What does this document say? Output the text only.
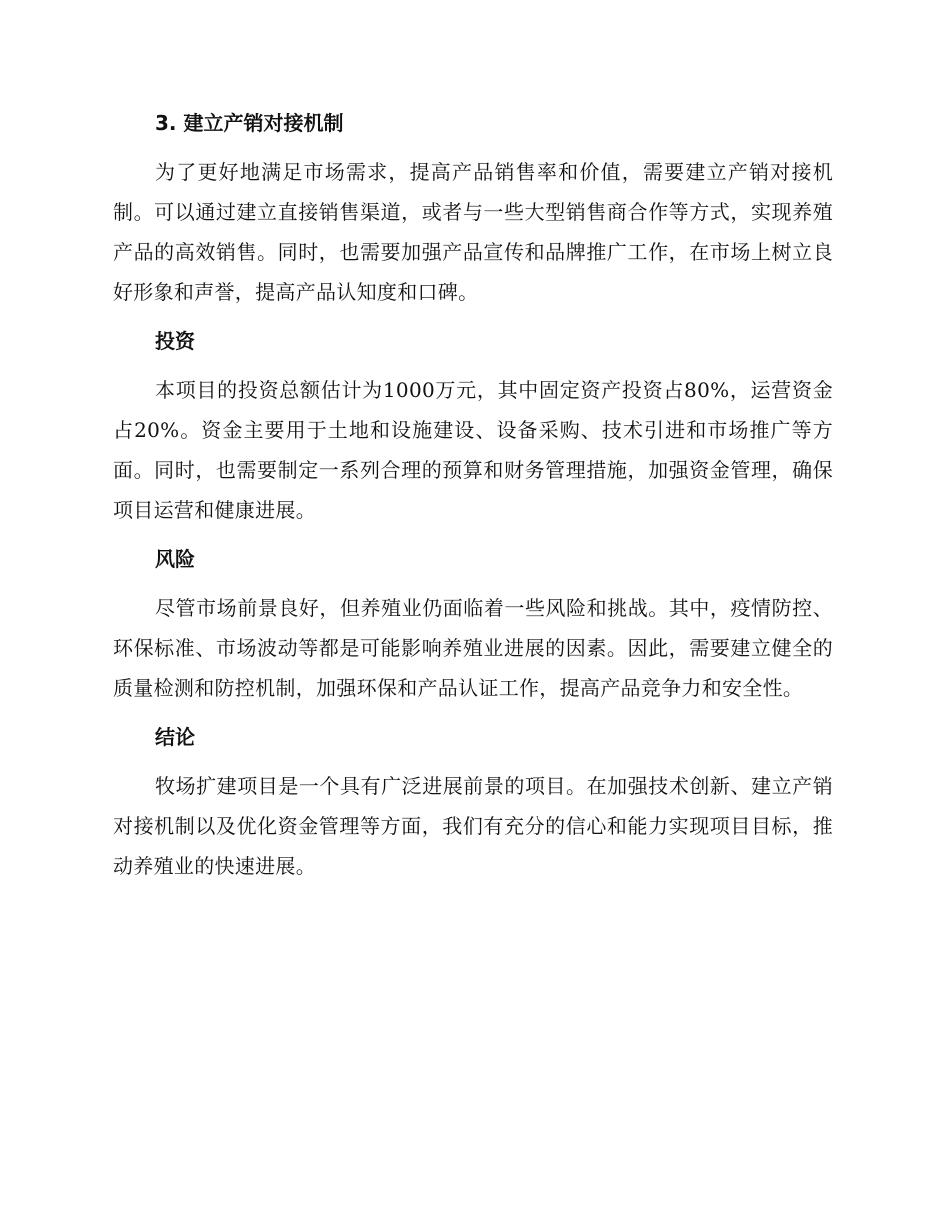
3. 建立产销对接机制

为了更好地满足市场需求，提高产品销售率和价值，需要建立产销对接机制。可以通过建立直接销售渠道，或者与一些大型销售商合作等方式，实现养殖产品的高效销售。同时，也需要加强产品宣传和品牌推广工作，在市场上树立良好形象和声誉，提高产品认知度和口碑。

投资

本项目的投资总额估计为1000万元，其中固定资产投资占80%，运营资金占20%。资金主要用于土地和设施建设、设备采购、技术引进和市场推广等方面。同时，也需要制定一系列合理的预算和财务管理措施，加强资金管理，确保项目运营和健康进展。

风险

尽管市场前景良好，但养殖业仍面临着一些风险和挑战。其中，疫情防控、环保标准、市场波动等都是可能影响养殖业进展的因素。因此，需要建立健全的质量检测和防控机制，加强环保和产品认证工作，提高产品竞争力和安全性。

结论

牧场扩建项目是一个具有广泛进展前景的项目。在加强技术创新、建立产销对接机制以及优化资金管理等方面，我们有充分的信心和能力实现项目目标，推动养殖业的快速进展。
